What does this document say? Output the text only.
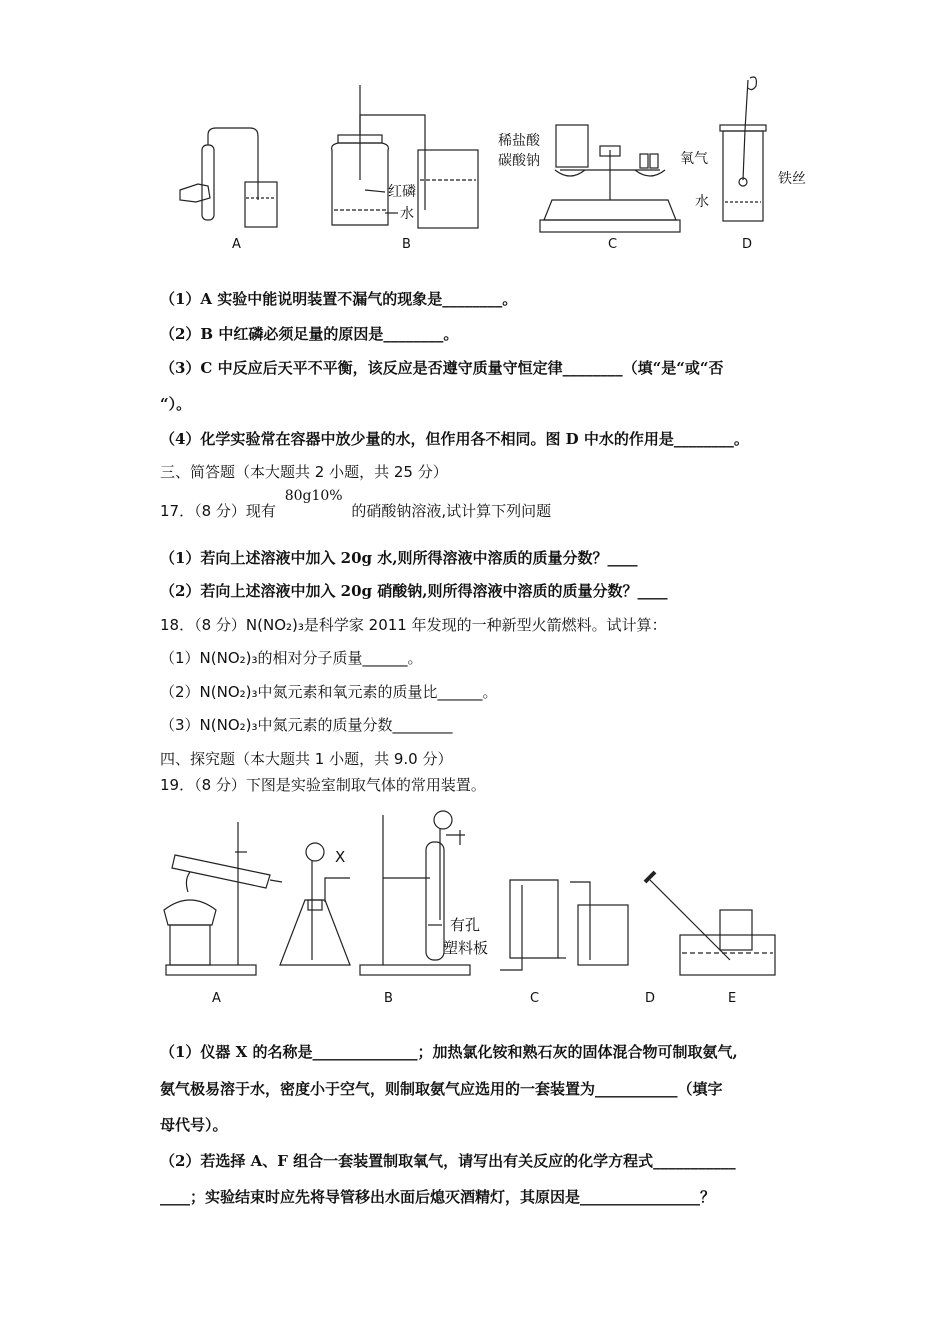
红磷
水
稀盐酸
碳酸钠	氧气
水
铁丝
A	B	C	D
（1）A 实验中能说明装置不漏气的现象是________。
（2）B 中红磷必须足量的原因是________。
（3）C 中反应后天平不平衡，该反应是否遵守质量守恒定律________（填“是“或“否
“）。
（4）化学实验常在容器中放少量的水，但作用各不相同。图 D 中水的作用是________。
三、简答题（本大题共 2 小题，共 25 分）
17．（8 分）现有 80g10% 的硝酸钠溶液,试计算下列问题
（1）若向上述溶液中加入 20g 水,则所得溶液中溶质的质量分数？____
（2）若向上述溶液中加入 20g 硝酸钠,则所得溶液中溶质的质量分数？____
18．（8 分）N(NO₂)₃是科学家 2011 年发现的一种新型火箭燃料。试计算：
（1）N(NO₂)₃的相对分子质量______。
（2）N(NO₂)₃中氮元素和氧元素的质量比______。
（3）N(NO₂)₃中氮元素的质量分数________
四、探究题（本大题共 1 小题，共 9.0 分）
19．（8 分）下图是实验室制取气体的常用装置。
X
有孔
塑料板
A	B	C	D	E
（1）仪器 X 的名称是______________；加热氯化铵和熟石灰的固体混合物可制取氨气,
氨气极易溶于水，密度小于空气，则制取氨气应选用的一套装置为___________（填字
母代号）。
（2）若选择 A、F 组合一套装置制取氧气，请写出有关反应的化学方程式___________
____；实验结束时应先将导管移出水面后熄灭酒精灯，其原因是________________？
